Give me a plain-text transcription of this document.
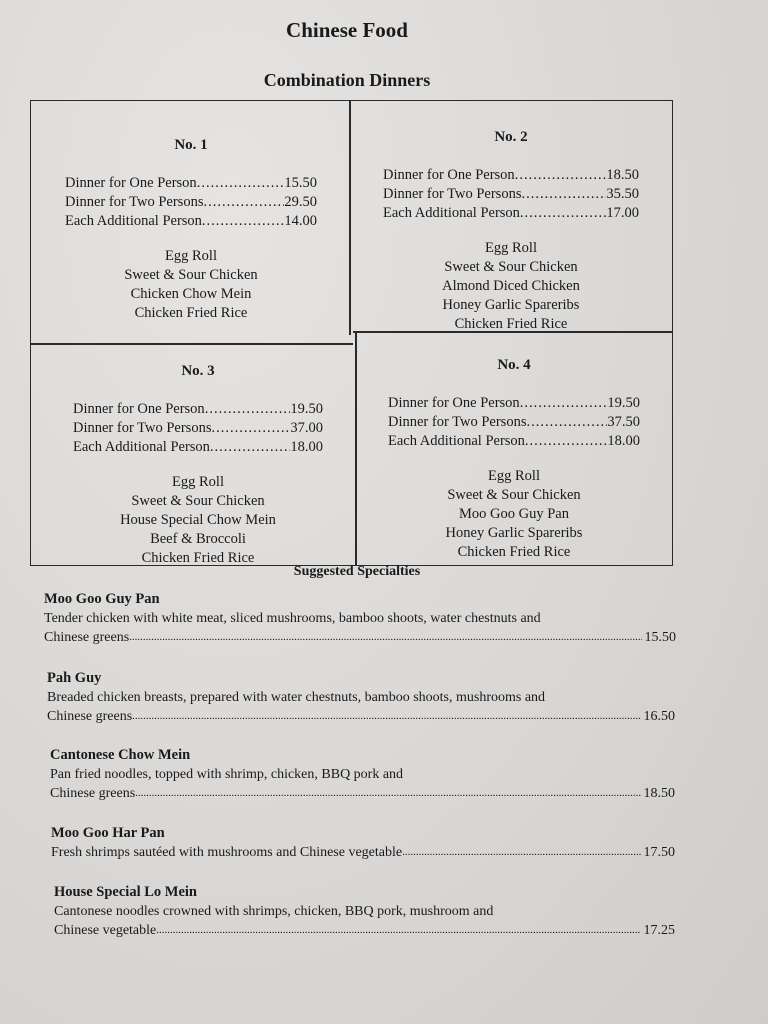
Chinese Food
Combination Dinners
No. 1
Dinner for One Person .....	15.50
Dinner for Two Persons .....	29.50
Each Additional Person .....	14.00
Egg Roll
Sweet & Sour Chicken
Chicken Chow Mein
Chicken Fried Rice
No. 2
Dinner for One Person .....	18.50
Dinner for Two Persons .....	35.50
Each Additional Person .....	17.00
Egg Roll
Sweet & Sour Chicken
Almond Diced Chicken
Honey Garlic Spareribs
Chicken Fried Rice
No. 3
Dinner for One Person .....	19.50
Dinner for Two Persons .....	37.00
Each Additional Person .....	18.00
Egg Roll
Sweet & Sour Chicken
House Special Chow Mein
Beef & Broccoli
Chicken Fried Rice
No. 4
Dinner for One Person .....	19.50
Dinner for Two Persons .....	37.50
Each Additional Person .....	18.00
Egg Roll
Sweet & Sour Chicken
Moo Goo Guy Pan
Honey Garlic Spareribs
Chicken Fried Rice
Suggested Specialties
Moo Goo Guy Pan
Tender chicken with white meat, sliced mushrooms, bamboo shoots, water chestnuts and
Chinese greens .....	15.50
Pah Guy
Breaded chicken breasts, prepared with water chestnuts, bamboo shoots, mushrooms and
Chinese greens .....	16.50
Cantonese Chow Mein
Pan fried noodles, topped with shrimp, chicken, BBQ pork and
Chinese greens .....	18.50
Moo Goo Har Pan
Fresh shrimps sautéed with mushrooms and Chinese vegetable .....	17.50
House Special Lo Mein
Cantonese noodles crowned with shrimps, chicken, BBQ pork, mushroom and
Chinese vegetable .....	17.25
